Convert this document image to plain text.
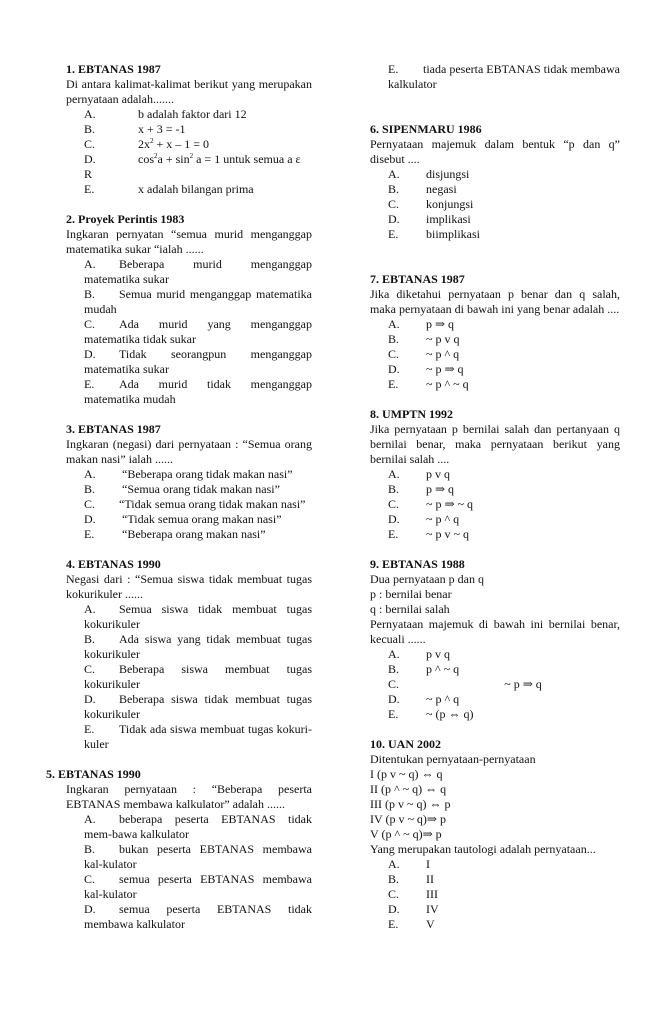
1. EBTANAS 1987
Di antara kalimat-kalimat berikut yang merupakan pernyataan adalah.......
A.	b adalah faktor dari 12
B.	x + 3 = -1
C.	$2x^2 + x - 1 = 0$
D.	$\cos^2a + \sin^2 a = 1$ untuk semua a ε
R
E.	x adalah bilangan prima
2. Proyek Perintis 1983
Ingkaran pernyatan “semua murid menganggap matematika sukar “ialah ......
A. Beberapa murid menganggap matematika sukar
B. Semua murid menganggap matematika mudah
C. Ada murid yang menganggap matematika tidak sukar
D. Tidak seorangpun menganggap matematika sukar
E. Ada murid tidak menganggap matematika mudah
3. EBTANAS 1987
Ingkaran (negasi) dari pernyataan : “Semua orang makan nasi” ialah ......
A.	“Beberapa orang tidak makan nasi”
B.	“Semua orang tidak makan nasi”
C. “Tidak semua orang tidak makan nasi”
D.	“Tidak semua orang makan nasi”
E.	“Beberapa orang makan nasi”
4. EBTANAS 1990
Negasi dari : “Semua siswa tidak membuat tugas kokurikuler ......
A. Semua siswa tidak membuat tugas kokurikuler
B. Ada siswa yang tidak membuat tugas kokurikuler
C. Beberapa siswa membuat tugas kokurikuler
D. Beberapa siswa tidak membuat tugas kokurikuler
E. Tidak ada siswa membuat tugas kokuri-kuler
5. EBTANAS 1990
Ingkaran pernyataan : “Beberapa peserta EBTANAS membawa kalkulator” adalah ......
A. beberapa peserta EBTANAS tidak mem-bawa kalkulator
B. bukan peserta EBTANAS membawa kal-kulator
C. semua peserta EBTANAS membawa kal-kulator
D. semua peserta EBTANAS tidak membawa kalkulator
E. tiada peserta EBTANAS tidak membawa kalkulator
6. SIPENMARU 1986
Pernyataan majemuk dalam bentuk “p dan q” disebut ....
A.	disjungsi
B.	negasi
C.	konjungsi
D.	implikasi
E.	biimplikasi
7. EBTANAS 1987
Jika diketahui pernyataan p benar dan q salah, maka pernyataan di bawah ini yang benar adalah ....
A.	p ⇒ q
B.	~ p v q
C.	~ p ^ q
D.	~ p ⇒ q
E.	~ p ^ ~ q
8. UMPTN 1992
Jika pernyataan p bernilai salah dan pertanyaan q bernilai benar, maka pernyataan berikut yang bernilai salah ....
A.	p v q
B.	p ⇒ q
C.	~ p ⇒ ~ q
D.	~ p ^ q
E.	~ p v ~ q
9. EBTANAS 1988
Dua pernyataan p dan q
p : bernilai benar
q : bernilai salah
Pernyataan majemuk di bawah ini bernilai benar, kecuali ......
A.	p v q
B.	p ^ ~ q
C.	~ p ⇒ q
D.	~ p ^ q
E.	~ (p ⇔ q)
10. UAN 2002
Ditentukan pernyataan-pernyataan
I (p v ~ q) ⇔ q
II (p ^ ~ q) ⇔ q
III (p v ~ q) ⇔ p
IV (p v ~ q)⇒ p
V (p ^ ~ q)⇒ p
Yang merupakan tautologi adalah pernyataan...
A.	I
B.	II
C.	III
D.	IV
E.	V
